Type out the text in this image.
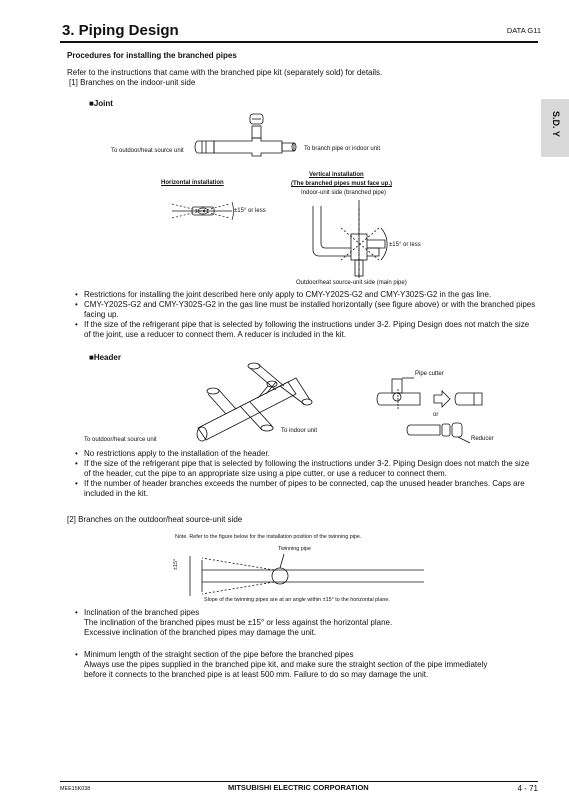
3. Piping Design	DATA G11
S.D. Y
Procedures for installing the branched pipes
Refer to the instructions that came with the branched pipe kit (separately sold) for details.
[1] Branches on the indoor-unit side
■Joint
To outdoor/heat source unit	To branch pipe or indoor unit
Horizontal installation
±15° or less
Vertical installation
(The branched pipes must face up.)
Indoor-unit side (branched pipe)
±15° or less
Outdoor/heat source-unit side (main pipe)
• Restrictions for installing the joint described here only apply to CMY-Y202S-G2 and CMY-Y302S-G2 in the gas line.
• CMY-Y202S-G2 and CMY-Y302S-G2 in the gas line must be installed horizontally (see figure above) or with the branched pipes facing up.
• If the size of the refrigerant pipe that is selected by following the instructions under 3-2. Piping Design does not match the size of the joint, use a reducer to connect them. A reducer is included in the kit.
■Header
To outdoor/heat source unit
To indoor unit
Pipe cutter
or
Reducer
• No restrictions apply to the installation of the header.
• If the size of the refrigerant pipe that is selected by following the instructions under 3-2. Piping Design does not match the size of the header, cut the pipe to an appropriate size using a pipe cutter, or use a reducer to connect them.
• If the number of header branches exceeds the number of pipes to be connected, cap the unused header branches. Caps are included in the kit.
[2] Branches on the outdoor/heat source-unit side
Note. Refer to the figure below for the installation position of the twinning pipe.
Twinning pipe
±15°
Slope of the twinning pipes are at an angle within ±15° to the horizontal plane.
• Inclination of the branched pipes
The inclination of the branched pipes must be ±15° or less against the horizontal plane.
Excessive inclination of the branched pipes may damage the unit.
• Minimum length of the straight section of the pipe before the branched pipes
Always use the pipes supplied in the branched pipe kit, and make sure the straight section of the pipe immediately
before it connects to the branched pipe is at least 500 mm. Failure to do so may damage the unit.
MEE15K038	MITSUBISHI ELECTRIC CORPORATION	4 - 71
